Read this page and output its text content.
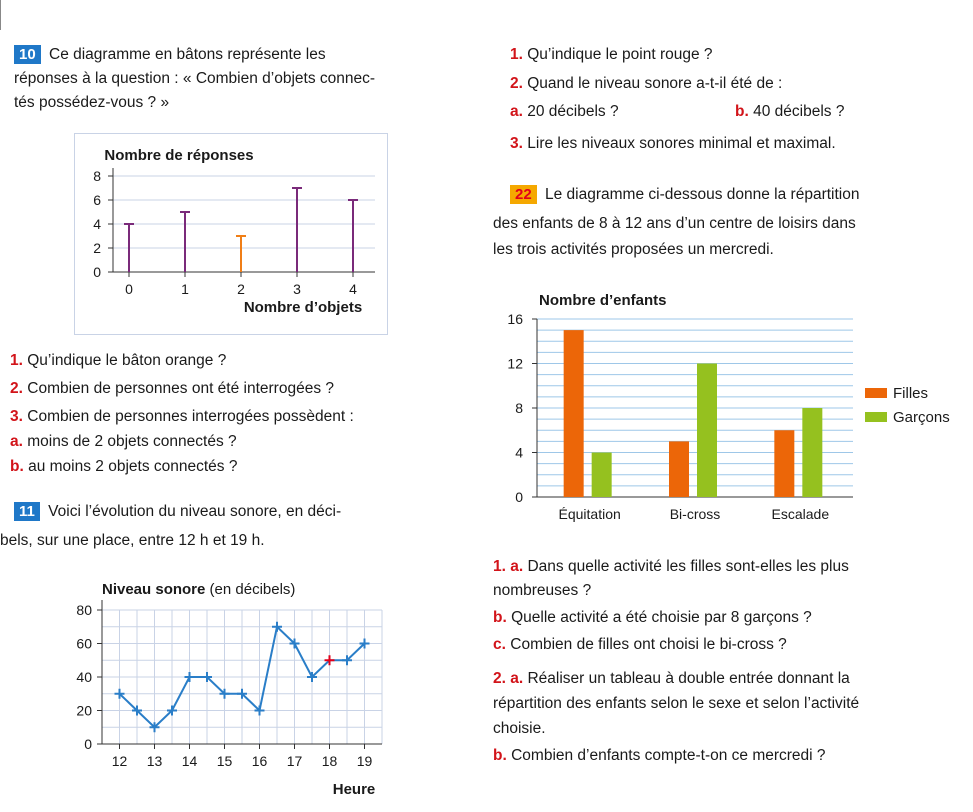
10 Ce diagramme en bâtons représente les
réponses à la question : « Combien d’objets connec-
tés possédez-vous ? »
Nombre de réponses
0
2
4
6
8
0	1	2	3	4
Nombre d’objets
1. Qu’indique le bâton orange ?
2. Combien de personnes ont été interrogées ?
3. Combien de personnes interrogées possèdent :
a. moins de 2 objets connectés ?
b. au moins 2 objets connectés ?
11 Voici l’évolution du niveau sonore, en déci-
bels, sur une place, entre 12 h et 19 h.
Niveau sonore (en décibels)
0
20
40
60
80
12 13 14 15 16 17 18 19
Heure
1. Qu’indique le point rouge ?
2. Quand le niveau sonore a-t-il été de :
a. 20 décibels ?	b. 40 décibels ?
3. Lire les niveaux sonores minimal et maximal.
22 Le diagramme ci-dessous donne la répartition
des enfants de 8 à 12 ans d’un centre de loisirs dans
les trois activités proposées un mercredi.
Nombre d’enfants
0
4
8
12
16
Équitation	Bi-cross	Escalade
Filles
Garçons
1. a. Dans quelle activité les filles sont-elles les plus
nombreuses ?
b. Quelle activité a été choisie par 8 garçons ?
c. Combien de filles ont choisi le bi-cross ?
2. a. Réaliser un tableau à double entrée donnant la
répartition des enfants selon le sexe et selon l’activité
choisie.
b. Combien d’enfants compte-t-on ce mercredi ?
